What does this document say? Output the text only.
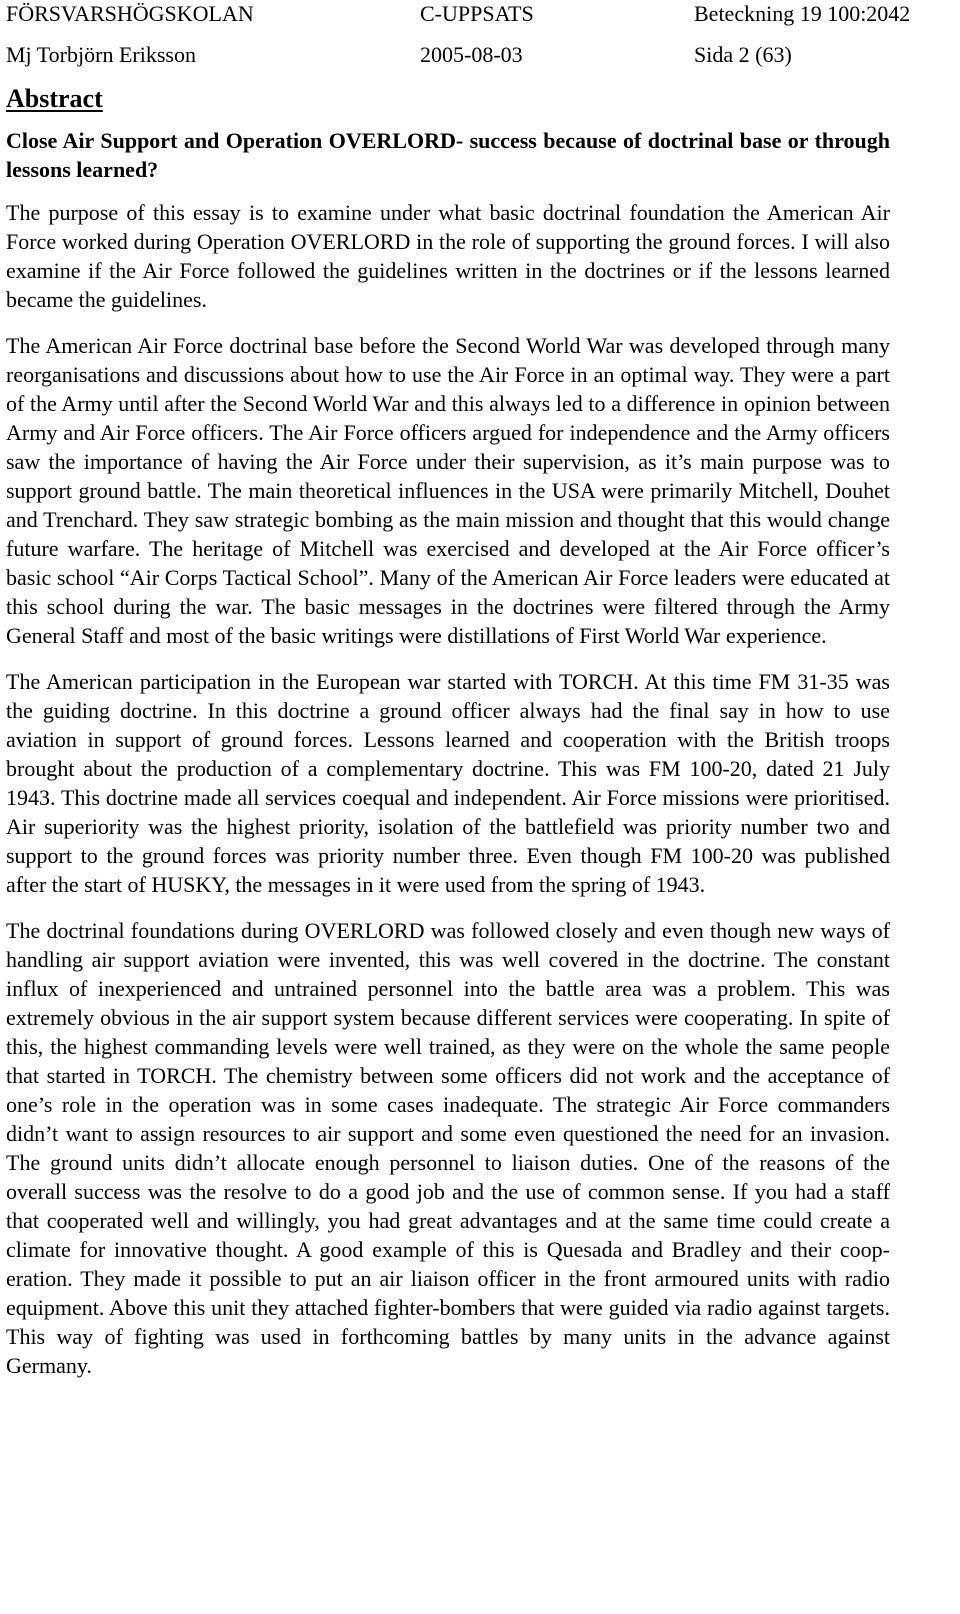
FÖRSVARSHÖGSKOLAN	C-UPPSATS	Beteckning 19 100:2042
Mj Torbjörn Eriksson	2005-08-03	Sida 2 (63)
Abstract
Close Air Support and Operation OVERLORD- success because of doctrinal base or through lessons learned?

The purpose of this essay is to examine under what basic doctrinal foundation the American Air Force worked during Operation OVERLORD in the role of supporting the ground forces. I will also examine if the Air Force followed the guidelines written in the doctrines or if the lessons learned became the guidelines.

The American Air Force doctrinal base before the Second World War was developed through many reorganisations and discussions about how to use the Air Force in an optimal way. They were a part of the Army until after the Second World War and this always led to a difference in opinion between Army and Air Force officers. The Air Force officers argued for independence and the Army officers saw the importance of having the Air Force under their supervision, as it’s main purpose was to support ground battle. The main theoretical influences in the USA were primarily Mitchell, Douhet and Trenchard. They saw strategic bombing as the main mission and thought that this would change future warfare. The heritage of Mitchell was exercised and developed at the Air Force officer’s basic school “Air Corps Tactical School”. Many of the American Air Force leaders were educated at this school during the war. The basic messages in the doctrines were filtered through the Army General Staff and most of the basic writings were distillations of First World War experience.

The American participation in the European war started with TORCH. At this time FM 31-35 was the guiding doctrine. In this doctrine a ground officer always had the final say in how to use aviation in support of ground forces. Lessons learned and cooperation with the British troops brought about the production of a complementary doctrine. This was FM 100-20, dated 21 July 1943. This doctrine made all services coequal and independent. Air Force missions were prioritised. Air superiority was the highest priority, isolation of the battlefield was priority number two and support to the ground forces was priority number three. Even though FM 100-20 was published after the start of HUSKY, the messages in it were used from the spring of 1943.

The doctrinal foundations during OVERLORD was followed closely and even though new ways of handling air support aviation were invented, this was well covered in the doctrine. The constant influx of inexperienced and untrained personnel into the battle area was a problem. This was extremely obvious in the air support system because different services were cooperating. In spite of this, the highest commanding levels were well trained, as they were on the whole the same people that started in TORCH. The chemistry between some officers did not work and the acceptance of one’s role in the operation was in some cases inadequate. The strategic Air Force commanders didn’t want to assign resources to air support and some even questioned the need for an invasion. The ground units didn’t allocate enough personnel to liaison duties. One of the reasons of the overall success was the resolve to do a good job and the use of common sense. If you had a staff that cooperated well and willingly, you had great advantages and at the same time could create a climate for innovative thought. A good example of this is Quesada and Bradley and their cooperation. They made it possible to put an air liaison officer in the front armoured units with radio equipment. Above this unit they attached fighter-bombers that were guided via radio against targets. This way of fighting was used in forthcoming battles by many units in the advance against Germany.
